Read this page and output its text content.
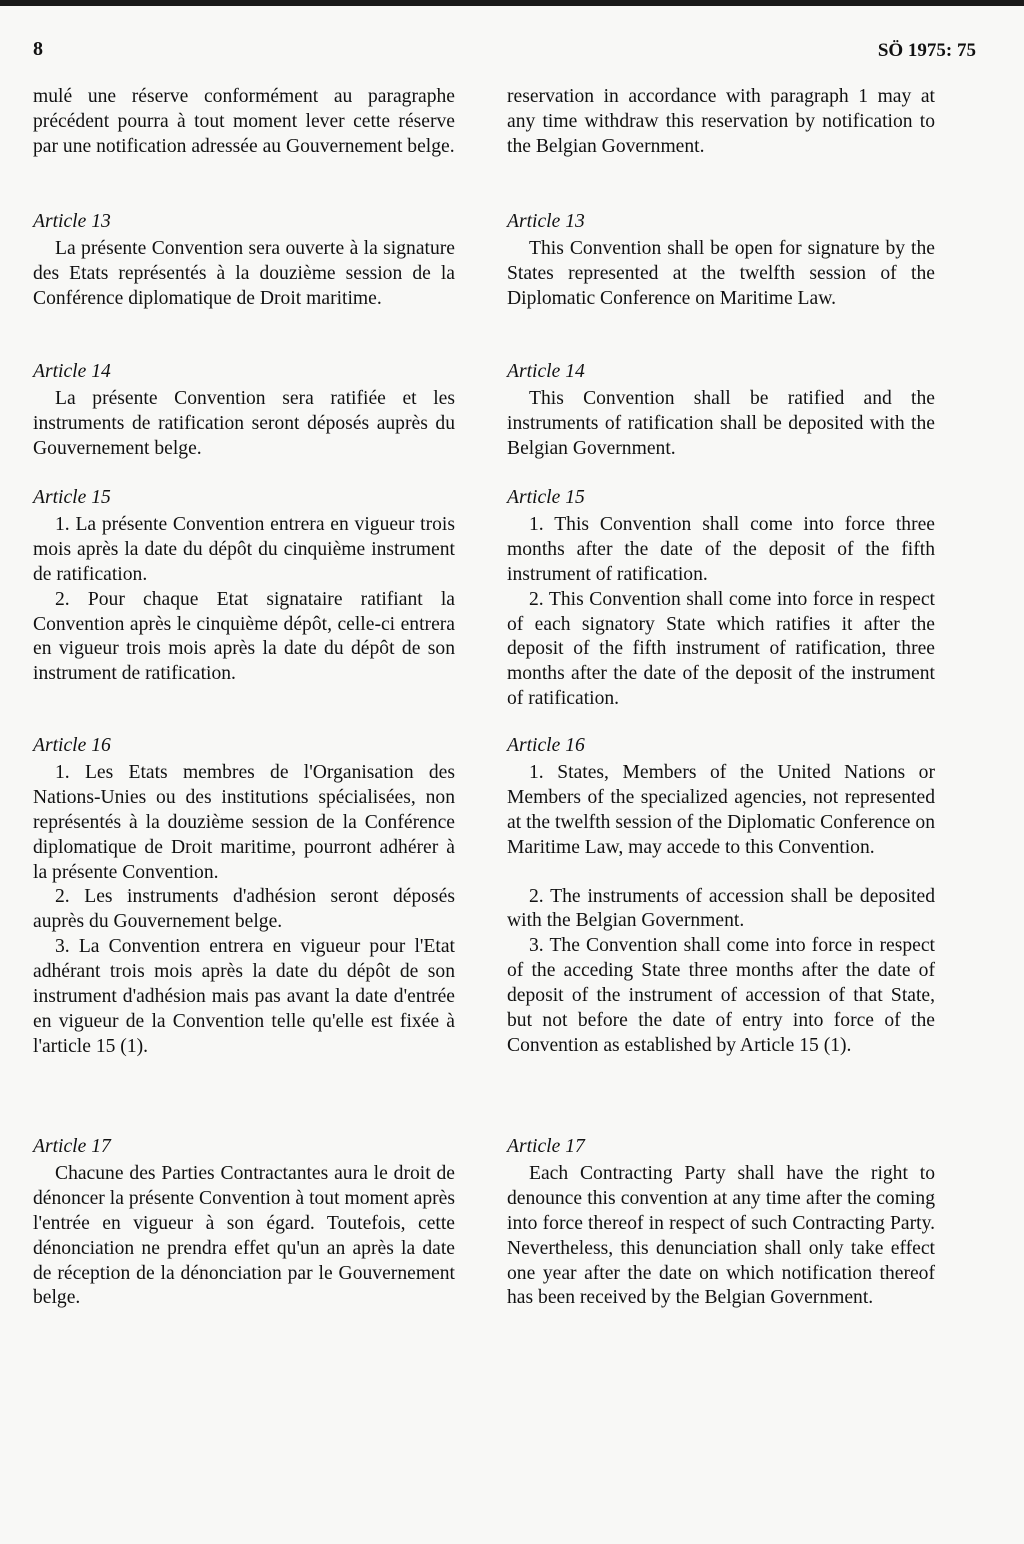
8	SÖ 1975: 75

mulé une réserve conformément au paragraphe précédent pourra à tout moment lever cette réserve par une notification adressée au Gouvernement belge.

Article 13

La présente Convention sera ouverte à la signature des Etats représentés à la douzième session de la Conférence diplomatique de Droit maritime.

Article 14

La présente Convention sera ratifiée et les instruments de ratification seront déposés auprès du Gouvernement belge.

Article 15

1. La présente Convention entrera en vigueur trois mois après la date du dépôt du cinquième instrument de ratification.

2. Pour chaque Etat signataire ratifiant la Convention après le cinquième dépôt, celle-ci entrera en vigueur trois mois après la date du dépôt de son instrument de ratification.

Article 16

1. Les Etats membres de l'Organisation des Nations-Unies ou des institutions spécialisées, non représentés à la douzième session de la Conférence diplomatique de Droit maritime, pourront adhérer à la présente Convention.

2. Les instruments d'adhésion seront déposés auprès du Gouvernement belge.

3. La Convention entrera en vigueur pour l'Etat adhérant trois mois après la date du dépôt de son instrument d'adhésion mais pas avant la date d'entrée en vigueur de la Convention telle qu'elle est fixée à l'article 15 (1).

Article 17

Chacune des Parties Contractantes aura le droit de dénoncer la présente Convention à tout moment après l'entrée en vigueur à son égard. Toutefois, cette dénonciation ne prendra effet qu'un an après la date de réception de la dénonciation par le Gouvernement belge.

reservation in accordance with paragraph 1 may at any time withdraw this reservation by notification to the Belgian Government.

Article 13

This Convention shall be open for signature by the States represented at the twelfth session of the Diplomatic Conference on Maritime Law.

Article 14

This Convention shall be ratified and the instruments of ratification shall be deposited with the Belgian Government.

Article 15

1. This Convention shall come into force three months after the date of the deposit of the fifth instrument of ratification.

2. This Convention shall come into force in respect of each signatory State which ratifies it after the deposit of the fifth instrument of ratification, three months after the date of the deposit of the instrument of ratification.

Article 16

1. States, Members of the United Nations or Members of the specialized agencies, not represented at the twelfth session of the Diplomatic Conference on Maritime Law, may accede to this Convention.

2. The instruments of accession shall be deposited with the Belgian Government.

3. The Convention shall come into force in respect of the acceding State three months after the date of deposit of the instrument of accession of that State, but not before the date of entry into force of the Convention as established by Article 15 (1).

Article 17

Each Contracting Party shall have the right to denounce this convention at any time after the coming into force thereof in respect of such Contracting Party. Nevertheless, this denunciation shall only take effect one year after the date on which notification thereof has been received by the Belgian Government.
